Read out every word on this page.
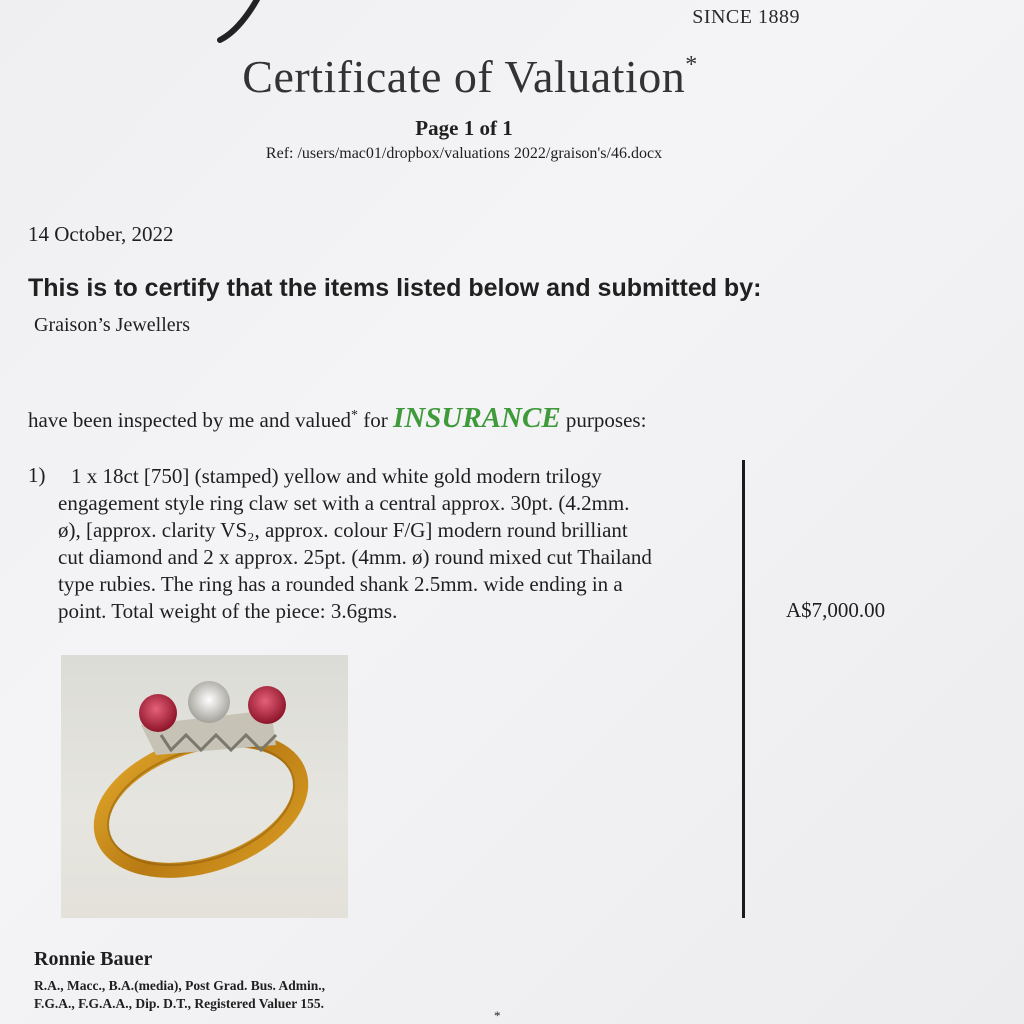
SINCE 1889
Certificate of Valuation*
Page 1 of 1
Ref: /users/mac01/dropbox/valuations 2022/graison's/46.docx
14 October, 2022
This is to certify that the items listed below and submitted by:
Graison’s Jewellers
have been inspected by me and valued* for INSURANCE purposes:
1)	1 x 18ct [750] (stamped) yellow and white gold modern trilogy
engagement style ring claw set with a central approx. 30pt. (4.2mm.
ø), [approx. clarity VS₂, approx. colour F/G] modern round brilliant
cut diamond and 2 x approx. 25pt. (4mm. ø) round mixed cut Thailand
type rubies. The ring has a rounded shank 2.5mm. wide ending in a
point. Total weight of the piece: 3.6gms.	A$7,000.00
Ronnie Bauer
R.A., Macc., B.A.(media), Post Grad. Bus. Admin.,
F.G.A., F.G.A.A., Dip. D.T., Registered Valuer 155.
*
